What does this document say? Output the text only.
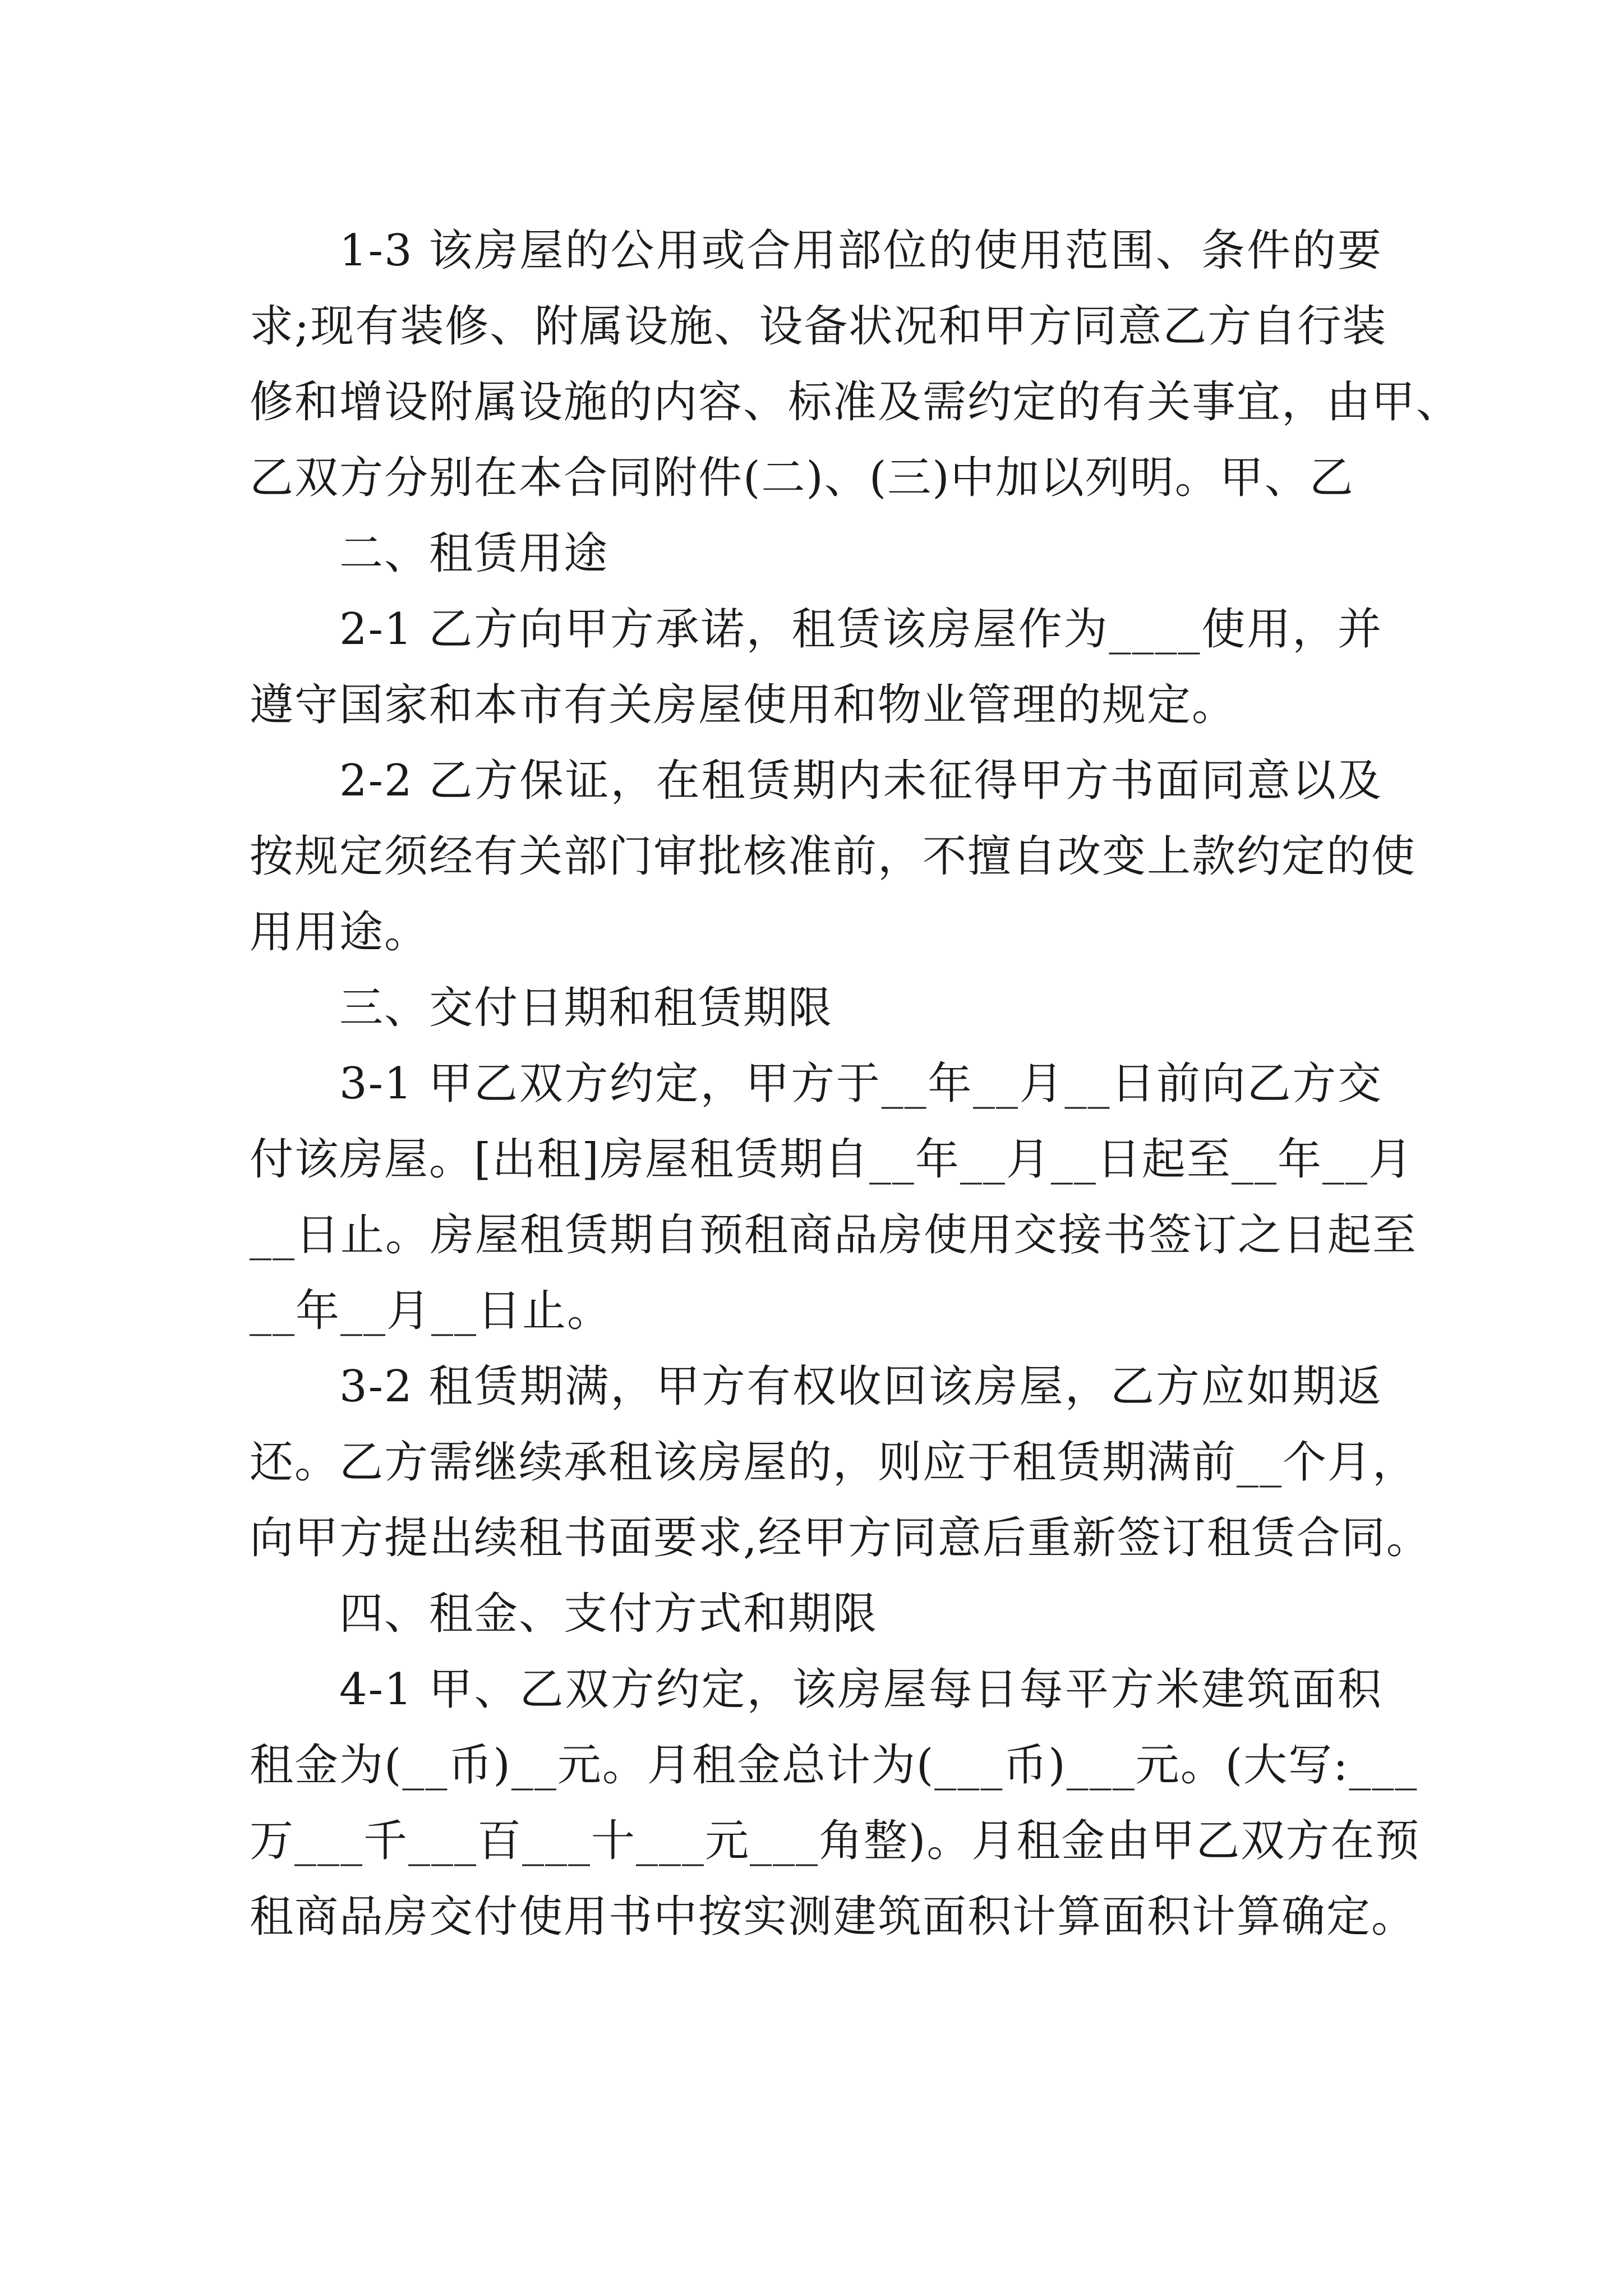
1-3 该房屋的公用或合用部位的使用范围、条件的要
求;现有装修、附属设施、设备状况和甲方同意乙方自行装
修和增设附属设施的内容、标准及需约定的有关事宜，由甲、
乙双方分别在本合同附件(二)、(三)中加以列明。甲、乙
二、租赁用途
2-1 乙方向甲方承诺，租赁该房屋作为____使用，并
遵守国家和本市有关房屋使用和物业管理的规定。
2-2 乙方保证，在租赁期内未征得甲方书面同意以及
按规定须经有关部门审批核准前，不擅自改变上款约定的使
用用途。
三、交付日期和租赁期限
3-1 甲乙双方约定，甲方于__年__月__日前向乙方交
付该房屋。[出租]房屋租赁期自__年__月__日起至__年__月
__日止。房屋租赁期自预租商品房使用交接书签订之日起至
__年__月__日止。
3-2 租赁期满，甲方有权收回该房屋，乙方应如期返
还。乙方需继续承租该房屋的，则应于租赁期满前__个月，
向甲方提出续租书面要求,经甲方同意后重新签订租赁合同。
四、租金、支付方式和期限
4-1 甲、乙双方约定，该房屋每日每平方米建筑面积
租金为(__币)__元。月租金总计为(___币)___元。(大写:___
万___千___百___十___元___角整)。月租金由甲乙双方在预
租商品房交付使用书中按实测建筑面积计算面积计算确定。
